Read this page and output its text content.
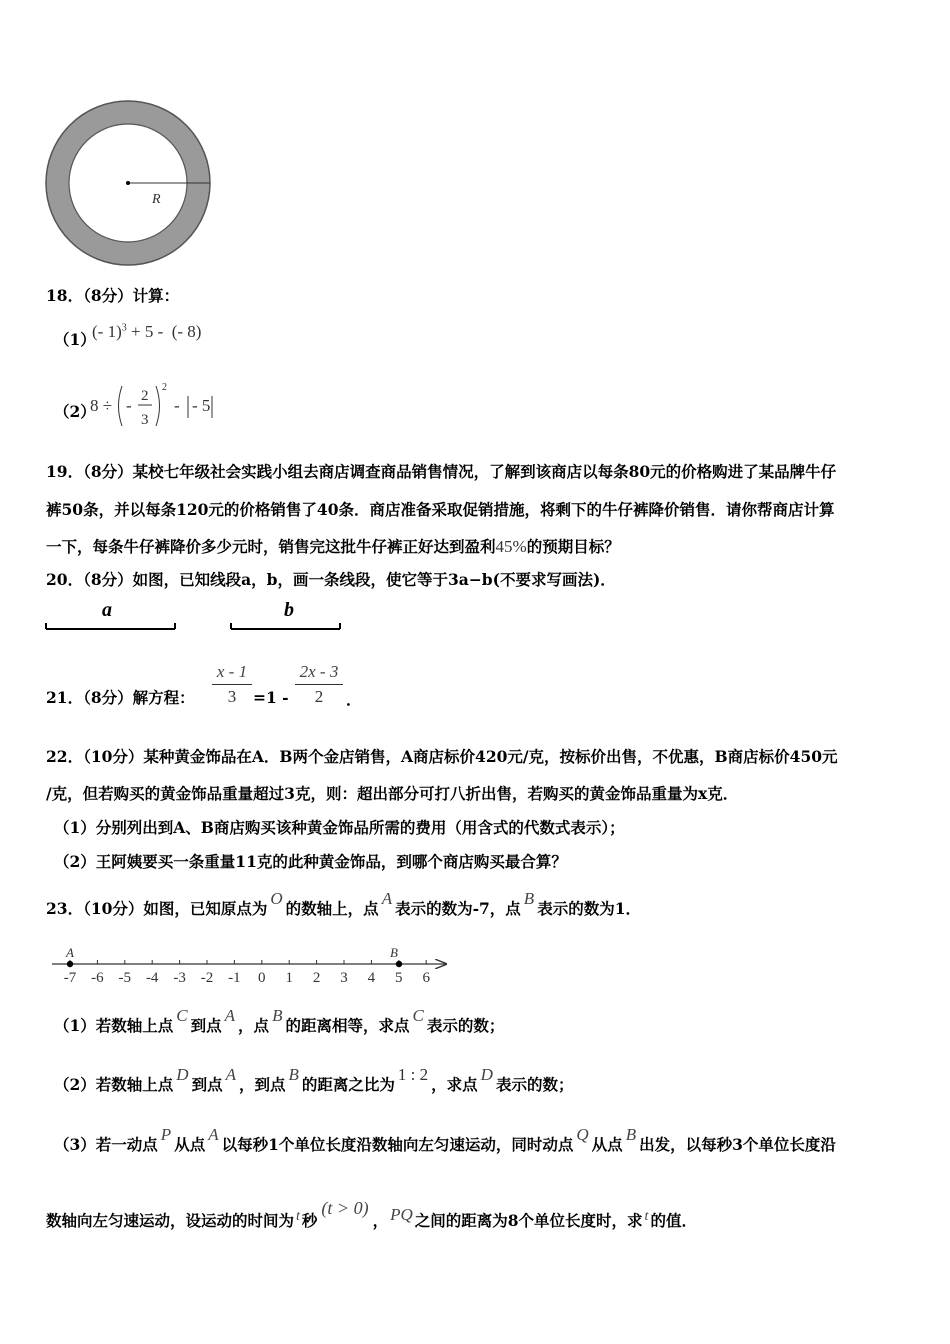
R
18．（8分）计算：
（1）
(- 1)$^3$ + 5 -  (- 8)
（2）
8 ÷ - 2
3
2
- - 5
19．（8分）某校七年级社会实践小组去商店调查商品销售情况，了解到该商店以每条80元的价格购进了某品牌牛仔
裤50条，并以每条120元的价格销售了40条．商店准备采取促销措施，将剩下的牛仔裤降价销售．请你帮商店计算
一下，每条牛仔裤降价多少元时，销售完这批牛仔裤正好达到盈利45%的预期目标？
20．（8分）如图，已知线段a，b，画一条线段，使它等于3a−b(不要求写画法)．
a	b
21．（8分）解方程：
x - 1
3	=1 -
2x - 3
2	．
22．（10分）某种黄金饰品在A．B两个金店销售，A商店标价420元/克，按标价出售，不优惠，B商店标价450元
/克，但若购买的黄金饰品重量超过3克，则：超出部分可打八折出售，若购买的黄金饰品重量为x克．
（1）分别列出到A、B商店购买该种黄金饰品所需的费用（用含式的代数式表示）；
（2）王阿姨要买一条重量11克的此种黄金饰品，到哪个商店购买最合算？
23．（10分）如图，已知原点为O的数轴上，点A表示的数为-7，点B表示的数为1．
-7 -6 -5 -4 -3 -2 -1 0 1 2 3 4 5 6
A	B
（1）若数轴上点C到点A，点B的距离相等，求点C表示的数；
（2）若数轴上点D到点A，到点B的距离之比为1 : 2，求点D表示的数；
（3）若一动点P从点A以每秒1个单位长度沿数轴向左匀速运动，同时动点Q从点B出发，以每秒3个单位长度沿
数轴向左匀速运动，设运动的时间为 t 秒(t > 0)， PQ 之间的距离为8个单位长度时，求 t 的值．
